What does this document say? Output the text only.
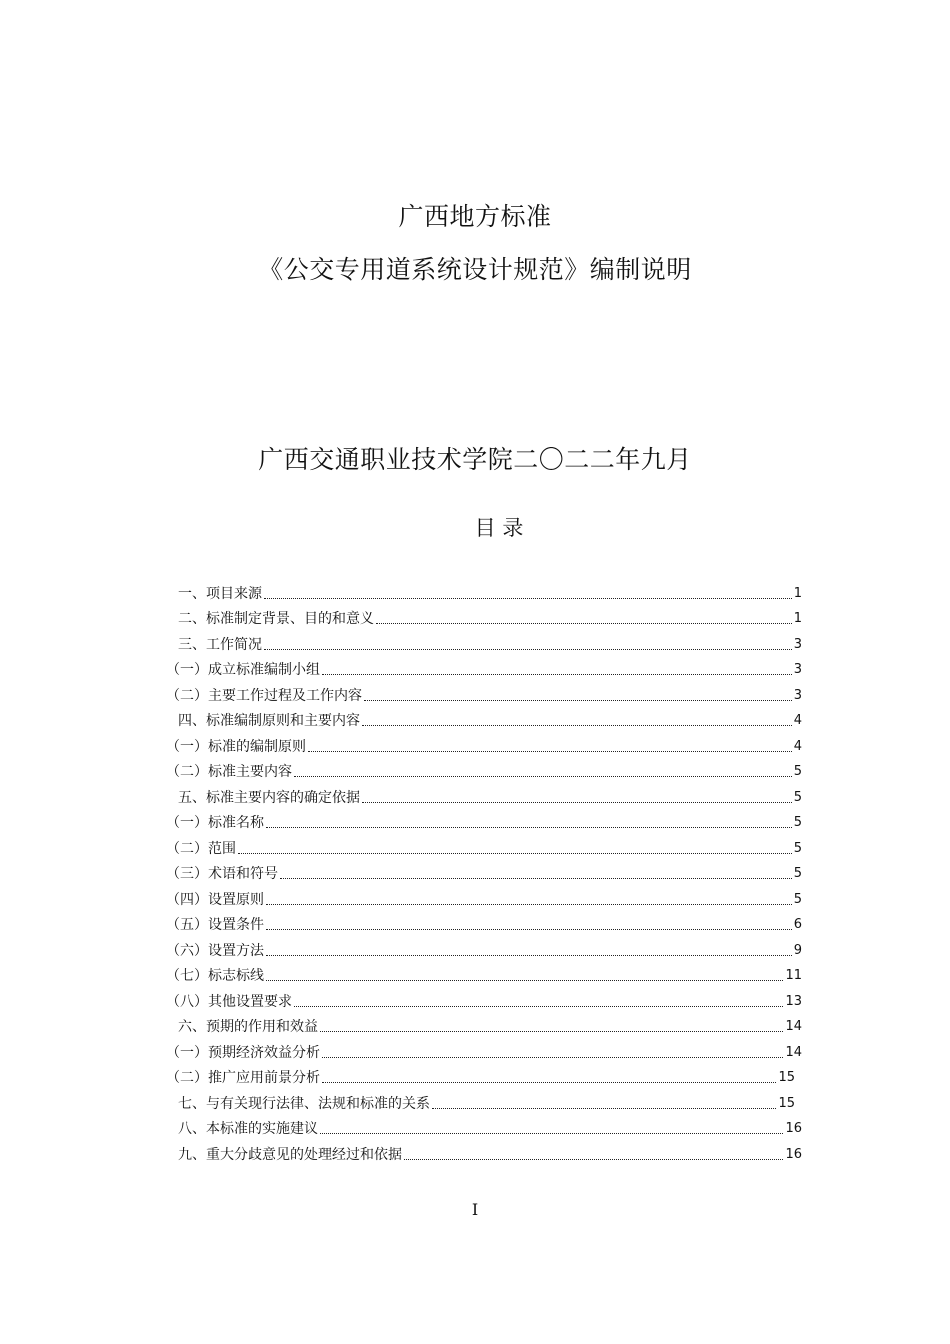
广西地方标准
《公交专用道系统设计规范》编制说明
广西交通职业技术学院二〇二二年九月
目 录
一、项目来源	1
二、标准制定背景、目的和意义	1
三、工作简况	3
（一）成立标准编制小组	3
（二）主要工作过程及工作内容	3
四、标准编制原则和主要内容	4
（一）标准的编制原则	4
（二）标准主要内容	5
五、标准主要内容的确定依据	5
（一）标准名称	5
（二）范围	5
（三）术语和符号	5
（四）设置原则	5
（五）设置条件	6
（六）设置方法	9
（七）标志标线	11
（八）其他设置要求	13
六、预期的作用和效益	14
（一）预期经济效益分析	14
（二）推广应用前景分析	15
七、与有关现行法律、法规和标准的关系	15
八、本标准的实施建议	16
九、重大分歧意见的处理经过和依据	16
I
